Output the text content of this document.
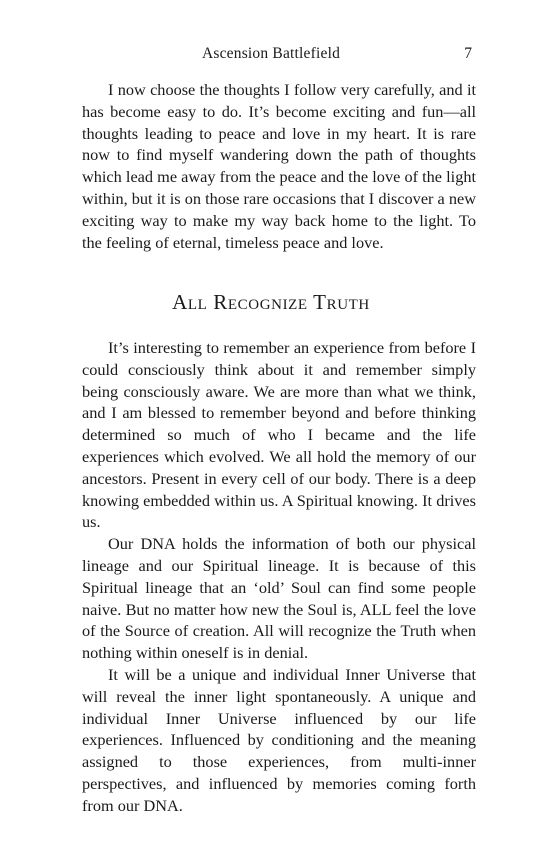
Ascension Battlefield	7

I now choose the thoughts I follow very carefully, and it has become easy to do. It’s become exciting and fun—all thoughts leading to peace and love in my heart. It is rare now to find myself wandering down the path of thoughts which lead me away from the peace and the love of the light within, but it is on those rare occasions that I discover a new exciting way to make my way back home to the light. To the feeling of eternal, timeless peace and love.

All Recognize Truth

It’s interesting to remember an experience from before I could consciously think about it and remember simply being consciously aware. We are more than what we think, and I am blessed to remember beyond and before thinking determined so much of who I became and the life experiences which evolved. We all hold the memory of our ancestors. Present in every cell of our body. There is a deep knowing embedded within us. A Spiritual knowing. It drives us.

Our DNA holds the information of both our physical lineage and our Spiritual lineage. It is because of this Spiritual lineage that an ‘old’ Soul can find some people naive. But no matter how new the Soul is, ALL feel the love of the Source of creation. All will recognize the Truth when nothing within oneself is in denial.

It will be a unique and individual Inner Universe that will reveal the inner light spontaneously. A unique and individual Inner Universe influenced by our life experiences. Influenced by conditioning and the meaning assigned to those experiences, from multi-inner perspectives, and influenced by memories coming forth from our DNA.
